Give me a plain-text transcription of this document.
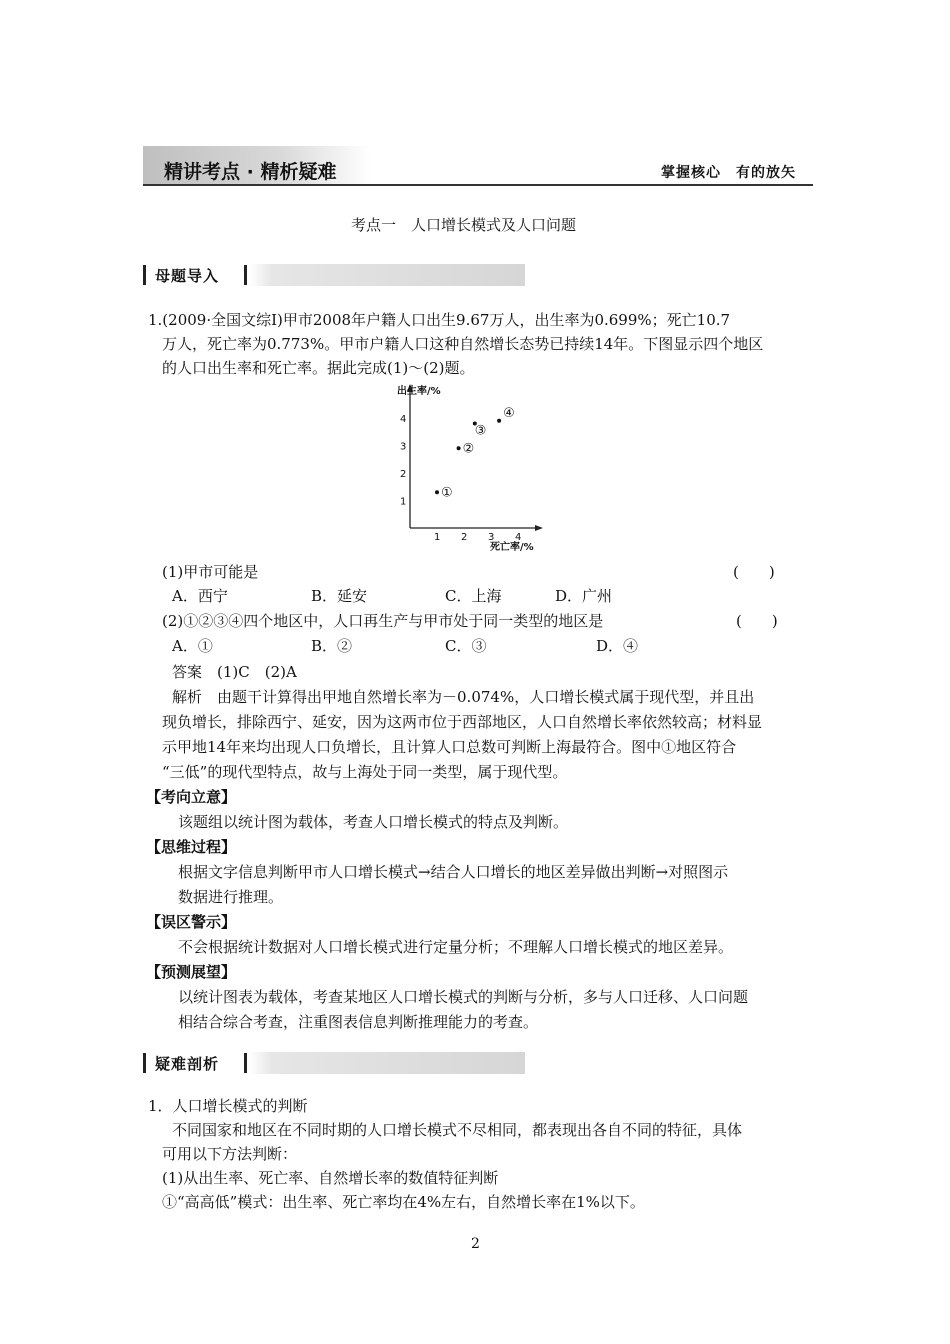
精讲考点 · 精析疑难	掌握核心　有的放矢
考点一　人口增长模式及人口问题
母题导入
1.(2009·全国文综Ⅰ)甲市2008年户籍人口出生9.67万人，出生率为0.699%；死亡10.7
万人，死亡率为0.773%。甲市户籍人口这种自然增长态势已持续14年。下图显示四个地区
的人口出生率和死亡率。据此完成(1)～(2)题。
出生率/%
死亡率/%
1
2
3
4
1 2 3 4
①
②
③
④
(1)甲市可能是	(　　)
A．西宁	B．延安	C．上海	D．广州
(2)①②③④四个地区中，人口再生产与甲市处于同一类型的地区是	(　　)
A．①	B．②	C．③	D．④
答案　(1)C　(2)A
解析　由题干计算得出甲地自然增长率为－0.074%，人口增长模式属于现代型，并且出
现负增长，排除西宁、延安，因为这两市位于西部地区，人口自然增长率依然较高；材料显
示甲地14年来均出现人口负增长，且计算人口总数可判断上海最符合。图中①地区符合
“三低”的现代型特点，故与上海处于同一类型，属于现代型。
【考向立意】
该题组以统计图为载体，考查人口增长模式的特点及判断。
【思维过程】
根据文字信息判断甲市人口增长模式→结合人口增长的地区差异做出判断→对照图示
数据进行推理。
【误区警示】
不会根据统计数据对人口增长模式进行定量分析；不理解人口增长模式的地区差异。
【预测展望】
以统计图表为载体，考查某地区人口增长模式的判断与分析，多与人口迁移、人口问题
相结合综合考查，注重图表信息判断推理能力的考查。
疑难剖析
1．人口增长模式的判断
不同国家和地区在不同时期的人口增长模式不尽相同，都表现出各自不同的特征，具体
可用以下方法判断：
(1)从出生率、死亡率、自然增长率的数值特征判断
①“高高低”模式：出生率、死亡率均在4%左右，自然增长率在1%以下。
2
